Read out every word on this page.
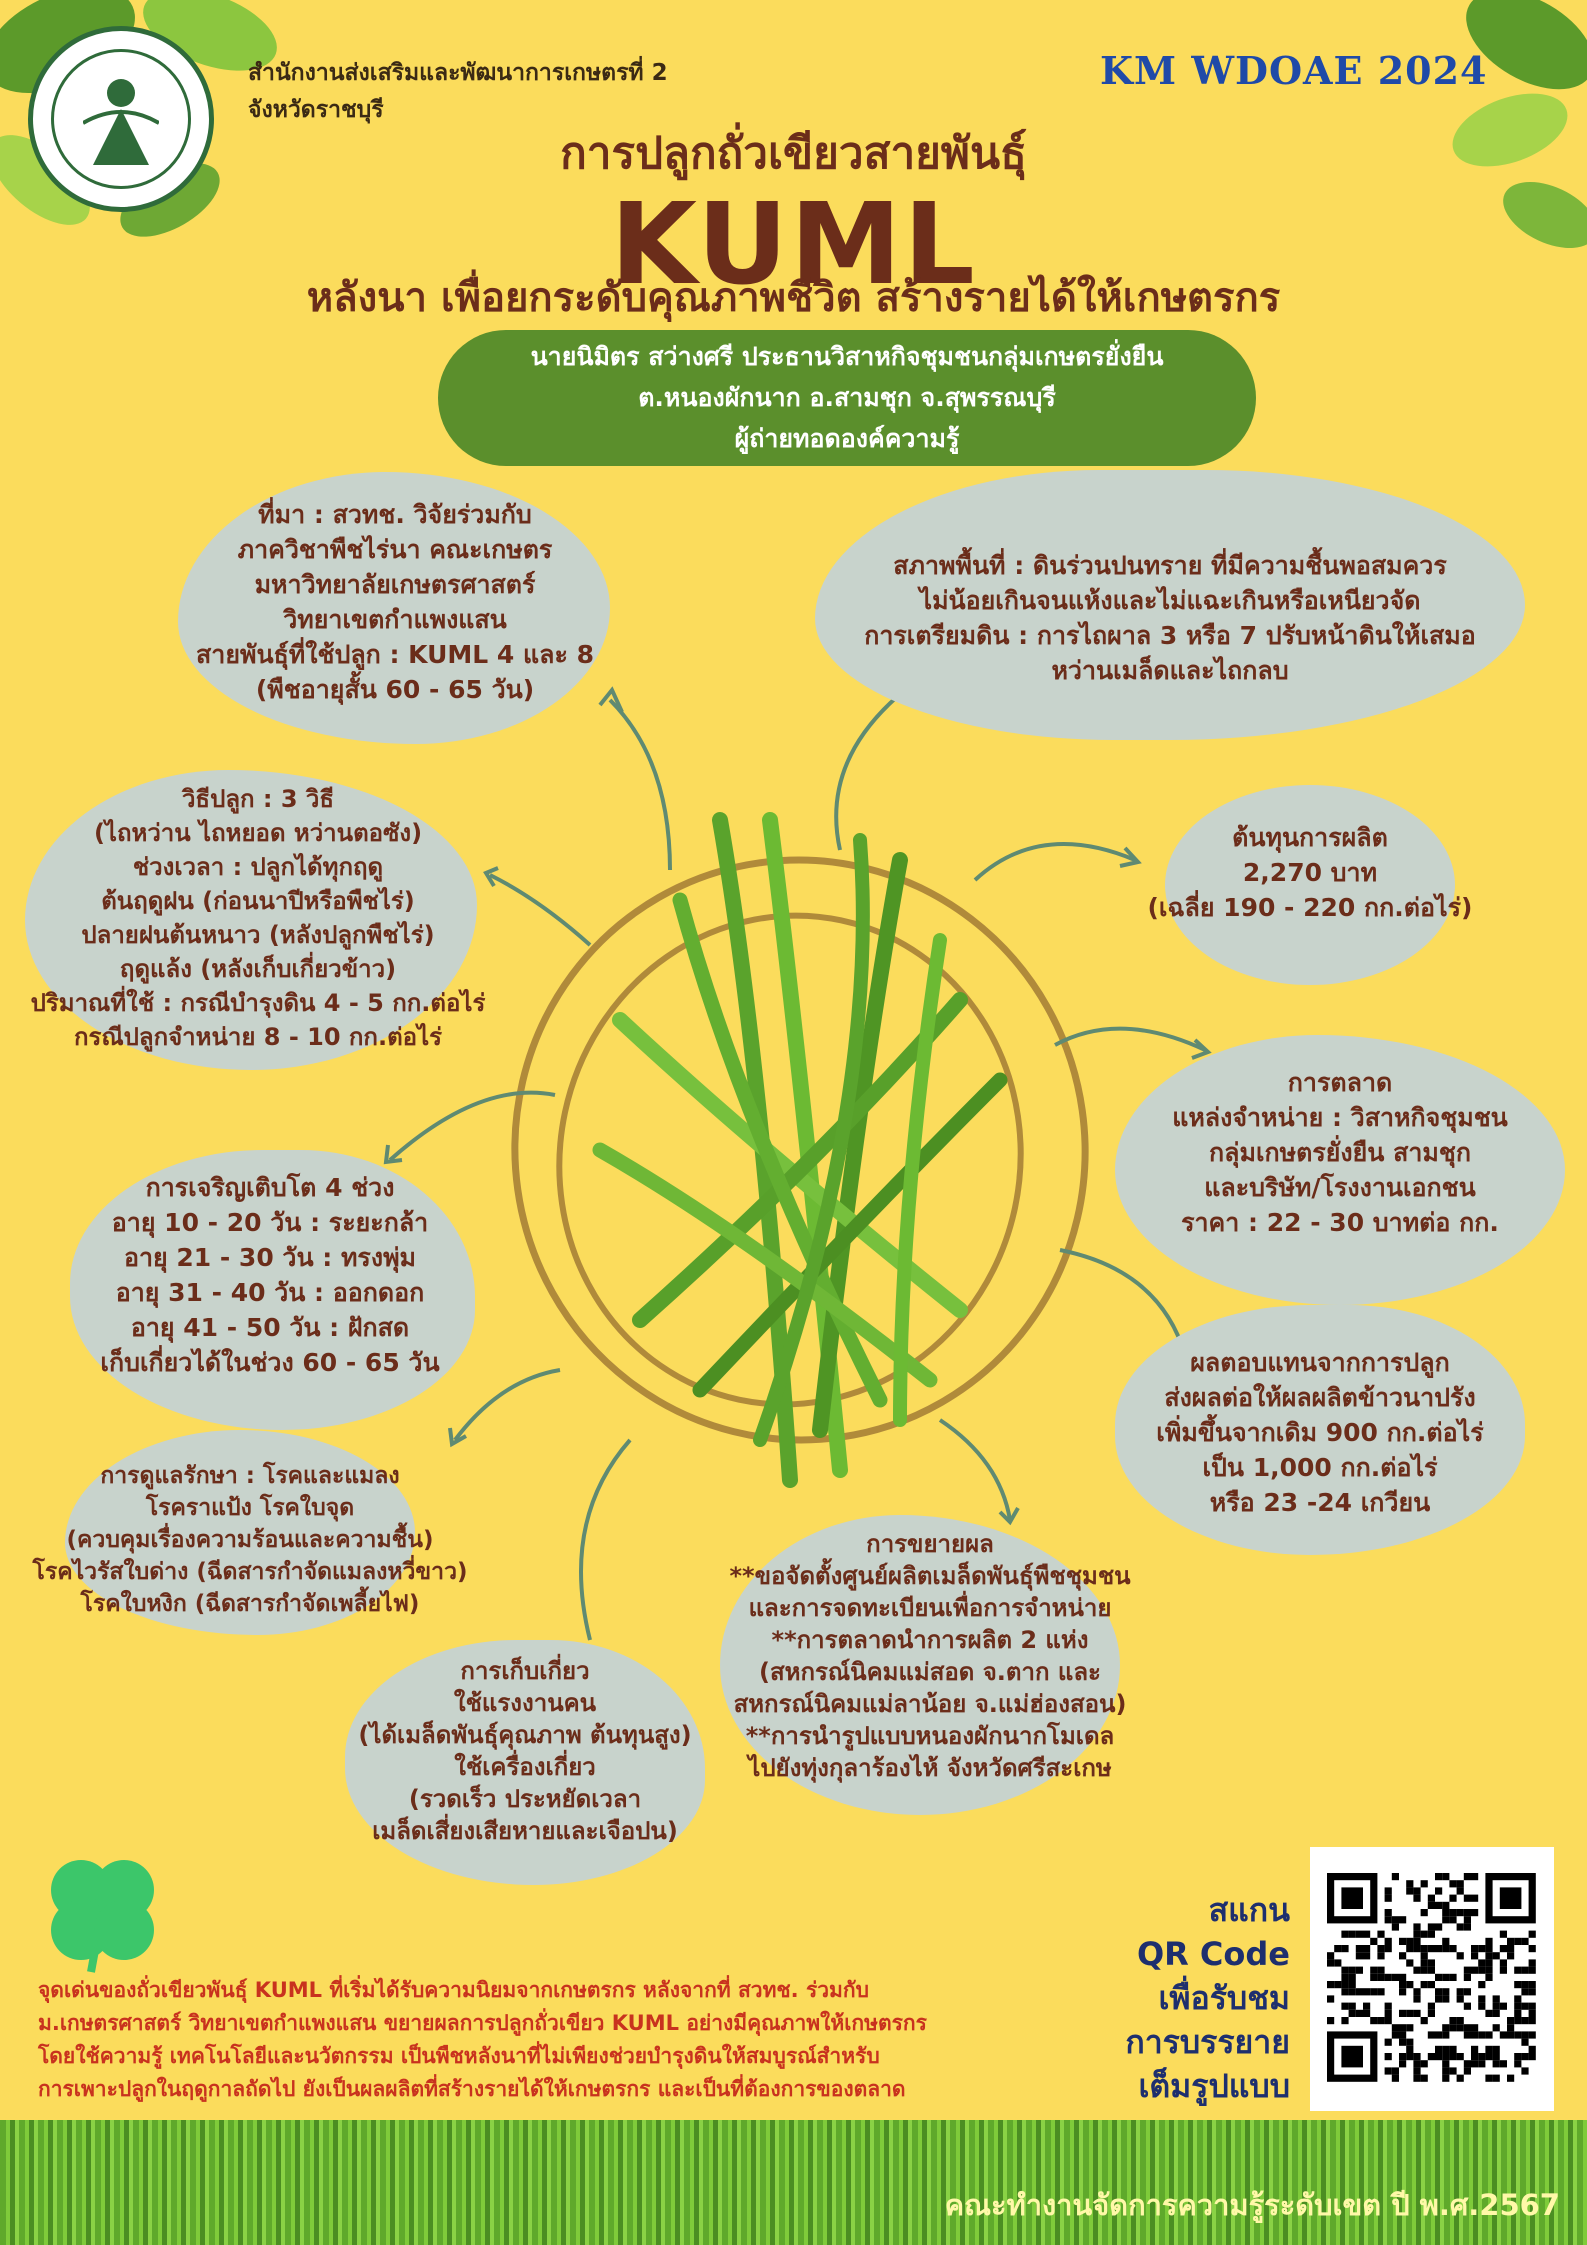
สำนักงานส่งเสริมและพัฒนาการเกษตรที่ 2
จังหวัดราชบุรี
KM WDOAE 2024
การปลูกถั่วเขียวสายพันธุ์
KUML
หลังนา เพื่อยกระดับคุณภาพชีวิต สร้างรายได้ให้เกษตรกร
นายนิมิตร สว่างศรี ประธานวิสาหกิจชุมชนกลุ่มเกษตรยั่งยืน
ต.หนองผักนาก อ.สามชุก จ.สุพรรณบุรี
ผู้ถ่ายทอดองค์ความรู้
ที่มา : สวทช. วิจัยร่วมกับ
ภาควิชาพืชไร่นา คณะเกษตร
มหาวิทยาลัยเกษตรศาสตร์
วิทยาเขตกำแพงแสน
สายพันธุ์ที่ใช้ปลูก : KUML 4 และ 8
(พืชอายุสั้น 60 - 65 วัน)
สภาพพื้นที่ : ดินร่วนปนทราย ที่มีความชื้นพอสมควร
ไม่น้อยเกินจนแห้งและไม่แฉะเกินหรือเหนียวจัด
การเตรียมดิน : การไถผาล 3 หรือ 7 ปรับหน้าดินให้เสมอ
หว่านเมล็ดและไถกลบ
วิธีปลูก : 3 วิธี
(ไถหว่าน ไถหยอด หว่านตอซัง)
ช่วงเวลา : ปลูกได้ทุกฤดู
ต้นฤดูฝน (ก่อนนาปีหรือพืชไร่)
ปลายฝนต้นหนาว (หลังปลูกพืชไร่)
ฤดูแล้ง (หลังเก็บเกี่ยวข้าว)
ปริมาณที่ใช้ : กรณีบำรุงดิน 4 - 5 กก.ต่อไร่
กรณีปลูกจำหน่าย 8 - 10 กก.ต่อไร่
ต้นทุนการผลิต
2,270 บาท
(เฉลี่ย 190 - 220 กก.ต่อไร่)
การตลาด
แหล่งจำหน่าย : วิสาหกิจชุมชน
กลุ่มเกษตรยั่งยืน สามชุก
และบริษัท/โรงงานเอกชน
ราคา : 22 - 30 บาทต่อ กก.
การเจริญเติบโต 4 ช่วง
อายุ 10 - 20 วัน : ระยะกล้า
อายุ 21 - 30 วัน : ทรงพุ่ม
อายุ 31 - 40 วัน : ออกดอก
อายุ 41 - 50 วัน : ฝักสด
เก็บเกี่ยวได้ในช่วง 60 - 65 วัน	ผลตอบแทนจากการปลูก
ส่งผลต่อให้ผลผลิตข้าวนาปรัง
เพิ่มขึ้นจากเดิม 900 กก.ต่อไร่
เป็น 1,000 กก.ต่อไร่
หรือ 23 -24 เกวียน
การดูแลรักษา : โรคและแมลง
โรคราแป้ง โรคใบจุด
(ควบคุมเรื่องความร้อนและความชื้น)
โรคไวรัสใบด่าง (ฉีดสารกำจัดแมลงหวี่ขาว)
โรคใบหงิก (ฉีดสารกำจัดเพลี้ยไฟ)
การเก็บเกี่ยว
ใช้แรงงานคน
(ได้เมล็ดพันธุ์คุณภาพ ต้นทุนสูง)
ใช้เครื่องเกี่ยว
(รวดเร็ว ประหยัดเวลา
เมล็ดเสี่ยงเสียหายและเจือปน)
การขยายผล
**ขอจัดตั้งศูนย์ผลิตเมล็ดพันธุ์พืชชุมชน
และการจดทะเบียนเพื่อการจำหน่าย
**การตลาดนำการผลิต 2 แห่ง
(สหกรณ์นิคมแม่สอด จ.ตาก และ
สหกรณ์นิคมแม่ลาน้อย จ.แม่ฮ่องสอน)
**การนำรูปแบบหนองผักนากโมเดล
ไปยังทุ่งกุลาร้องไห้ จังหวัดศรีสะเกษ
จุดเด่นของถั่วเขียวพันธุ์ KUML ที่เริ่มได้รับความนิยมจากเกษตรกร หลังจากที่ สวทช. ร่วมกับ
ม.เกษตรศาสตร์ วิทยาเขตกำแพงแสน ขยายผลการปลูกถั่วเขียว KUML อย่างมีคุณภาพให้เกษตรกร
โดยใช้ความรู้ เทคโนโลยีและนวัตกรรม เป็นพืชหลังนาที่ไม่เพียงช่วยบำรุงดินให้สมบูรณ์สำหรับ
การเพาะปลูกในฤดูกาลถัดไป ยังเป็นผลผลิตที่สร้างรายได้ให้เกษตรกร และเป็นที่ต้องการของตลาด
สแกน
QR Code
เพื่อรับชม
การบรรยาย
เต็มรูปแบบ
คณะทำงานจัดการความรู้ระดับเขต ปี พ.ศ.2567
